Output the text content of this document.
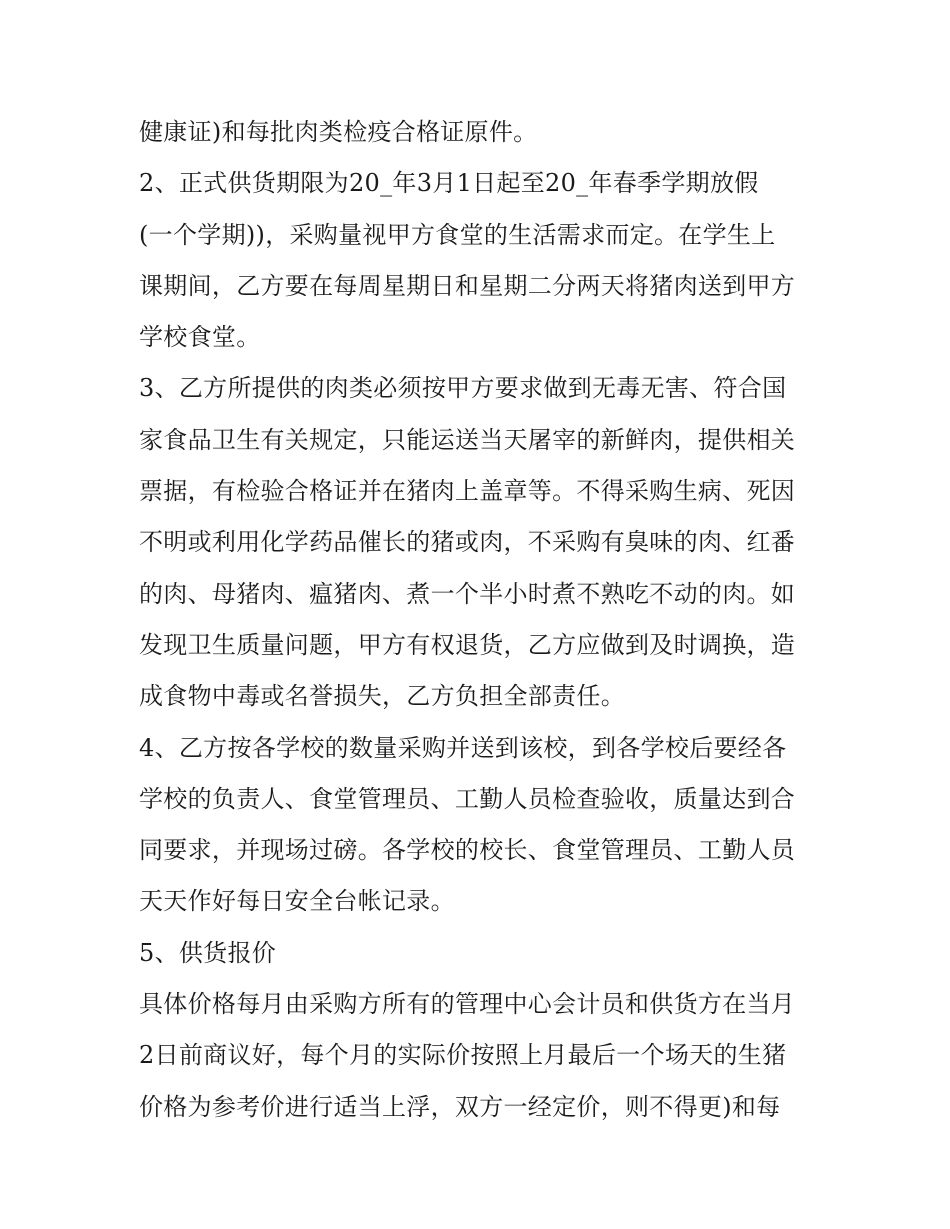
健康证)和每批肉类检疫合格证原件。

2、正式供货期限为20_年3月1日起至20_年春季学期放假

(一个学期))，采购量视甲方食堂的生活需求而定。在学生上

课期间，乙方要在每周星期日和星期二分两天将猪肉送到甲方

学校食堂。

3、乙方所提供的肉类必须按甲方要求做到无毒无害、符合国

家食品卫生有关规定，只能运送当天屠宰的新鲜肉，提供相关

票据，有检验合格证并在猪肉上盖章等。不得采购生病、死因

不明或利用化学药品催长的猪或肉，不采购有臭味的肉、红番

的肉、母猪肉、瘟猪肉、煮一个半小时煮不熟吃不动的肉。如

发现卫生质量问题，甲方有权退货，乙方应做到及时调换，造

成食物中毒或名誉损失，乙方负担全部责任。

4、乙方按各学校的数量采购并送到该校，到各学校后要经各

学校的负责人、食堂管理员、工勤人员检查验收，质量达到合

同要求，并现场过磅。各学校的校长、食堂管理员、工勤人员

天天作好每日安全台帐记录。

5、供货报价

具体价格每月由采购方所有的管理中心会计员和供货方在当月

2日前商议好，每个月的实际价按照上月最后一个场天的生猪

价格为参考价进行适当上浮，双方一经定价，则不得更)和每
